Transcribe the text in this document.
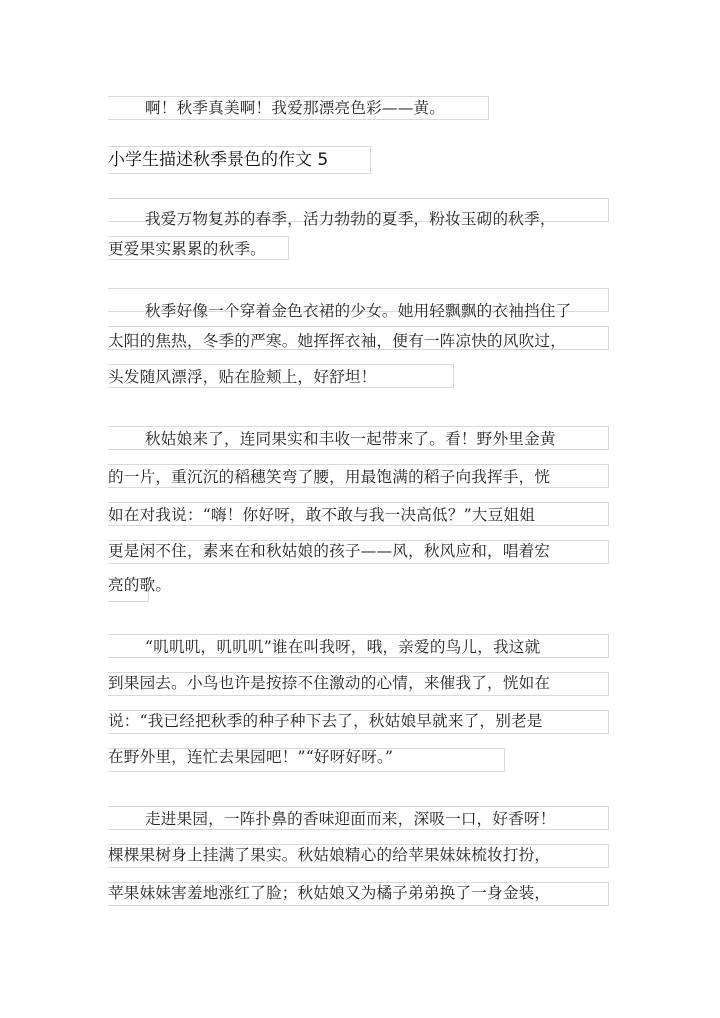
啊！秋季真美啊！我爱那漂亮色彩——黄。
小学生描述秋季景色的作文 5
我爱万物复苏的春季，活力勃勃的夏季，粉妆玉砌的秋季，
更爱果实累累的秋季。
秋季好像一个穿着金色衣裙的少女。她用轻飘飘的衣袖挡住了
太阳的焦热，冬季的严寒。她挥挥衣袖，便有一阵凉快的风吹过，
头发随风漂浮，贴在脸颊上，好舒坦！
秋姑娘来了，连同果实和丰收一起带来了。看！野外里金黄
的一片，重沉沉的稻穗笑弯了腰，用最饱满的稻子向我挥手，恍
如在对我说：“嗨！你好呀，敢不敢与我一决高低？”大豆姐姐
更是闲不住，素来在和秋姑娘的孩子——风，秋风应和，唱着宏
亮的歌。
“叽叽叽，叽叽叽”谁在叫我呀，哦，亲爱的鸟儿，我这就
到果园去。小鸟也许是按捺不住激动的心情，来催我了，恍如在
说：“我已经把秋季的种子种下去了，秋姑娘早就来了，别老是
在野外里，连忙去果园吧！”“好呀好呀。”
走进果园，一阵扑鼻的香味迎面而来，深吸一口，好香呀！
棵棵果树身上挂满了果实。秋姑娘精心的给苹果妹妹梳妆打扮，
苹果妹妹害羞地涨红了脸；秋姑娘又为橘子弟弟换了一身金装，
